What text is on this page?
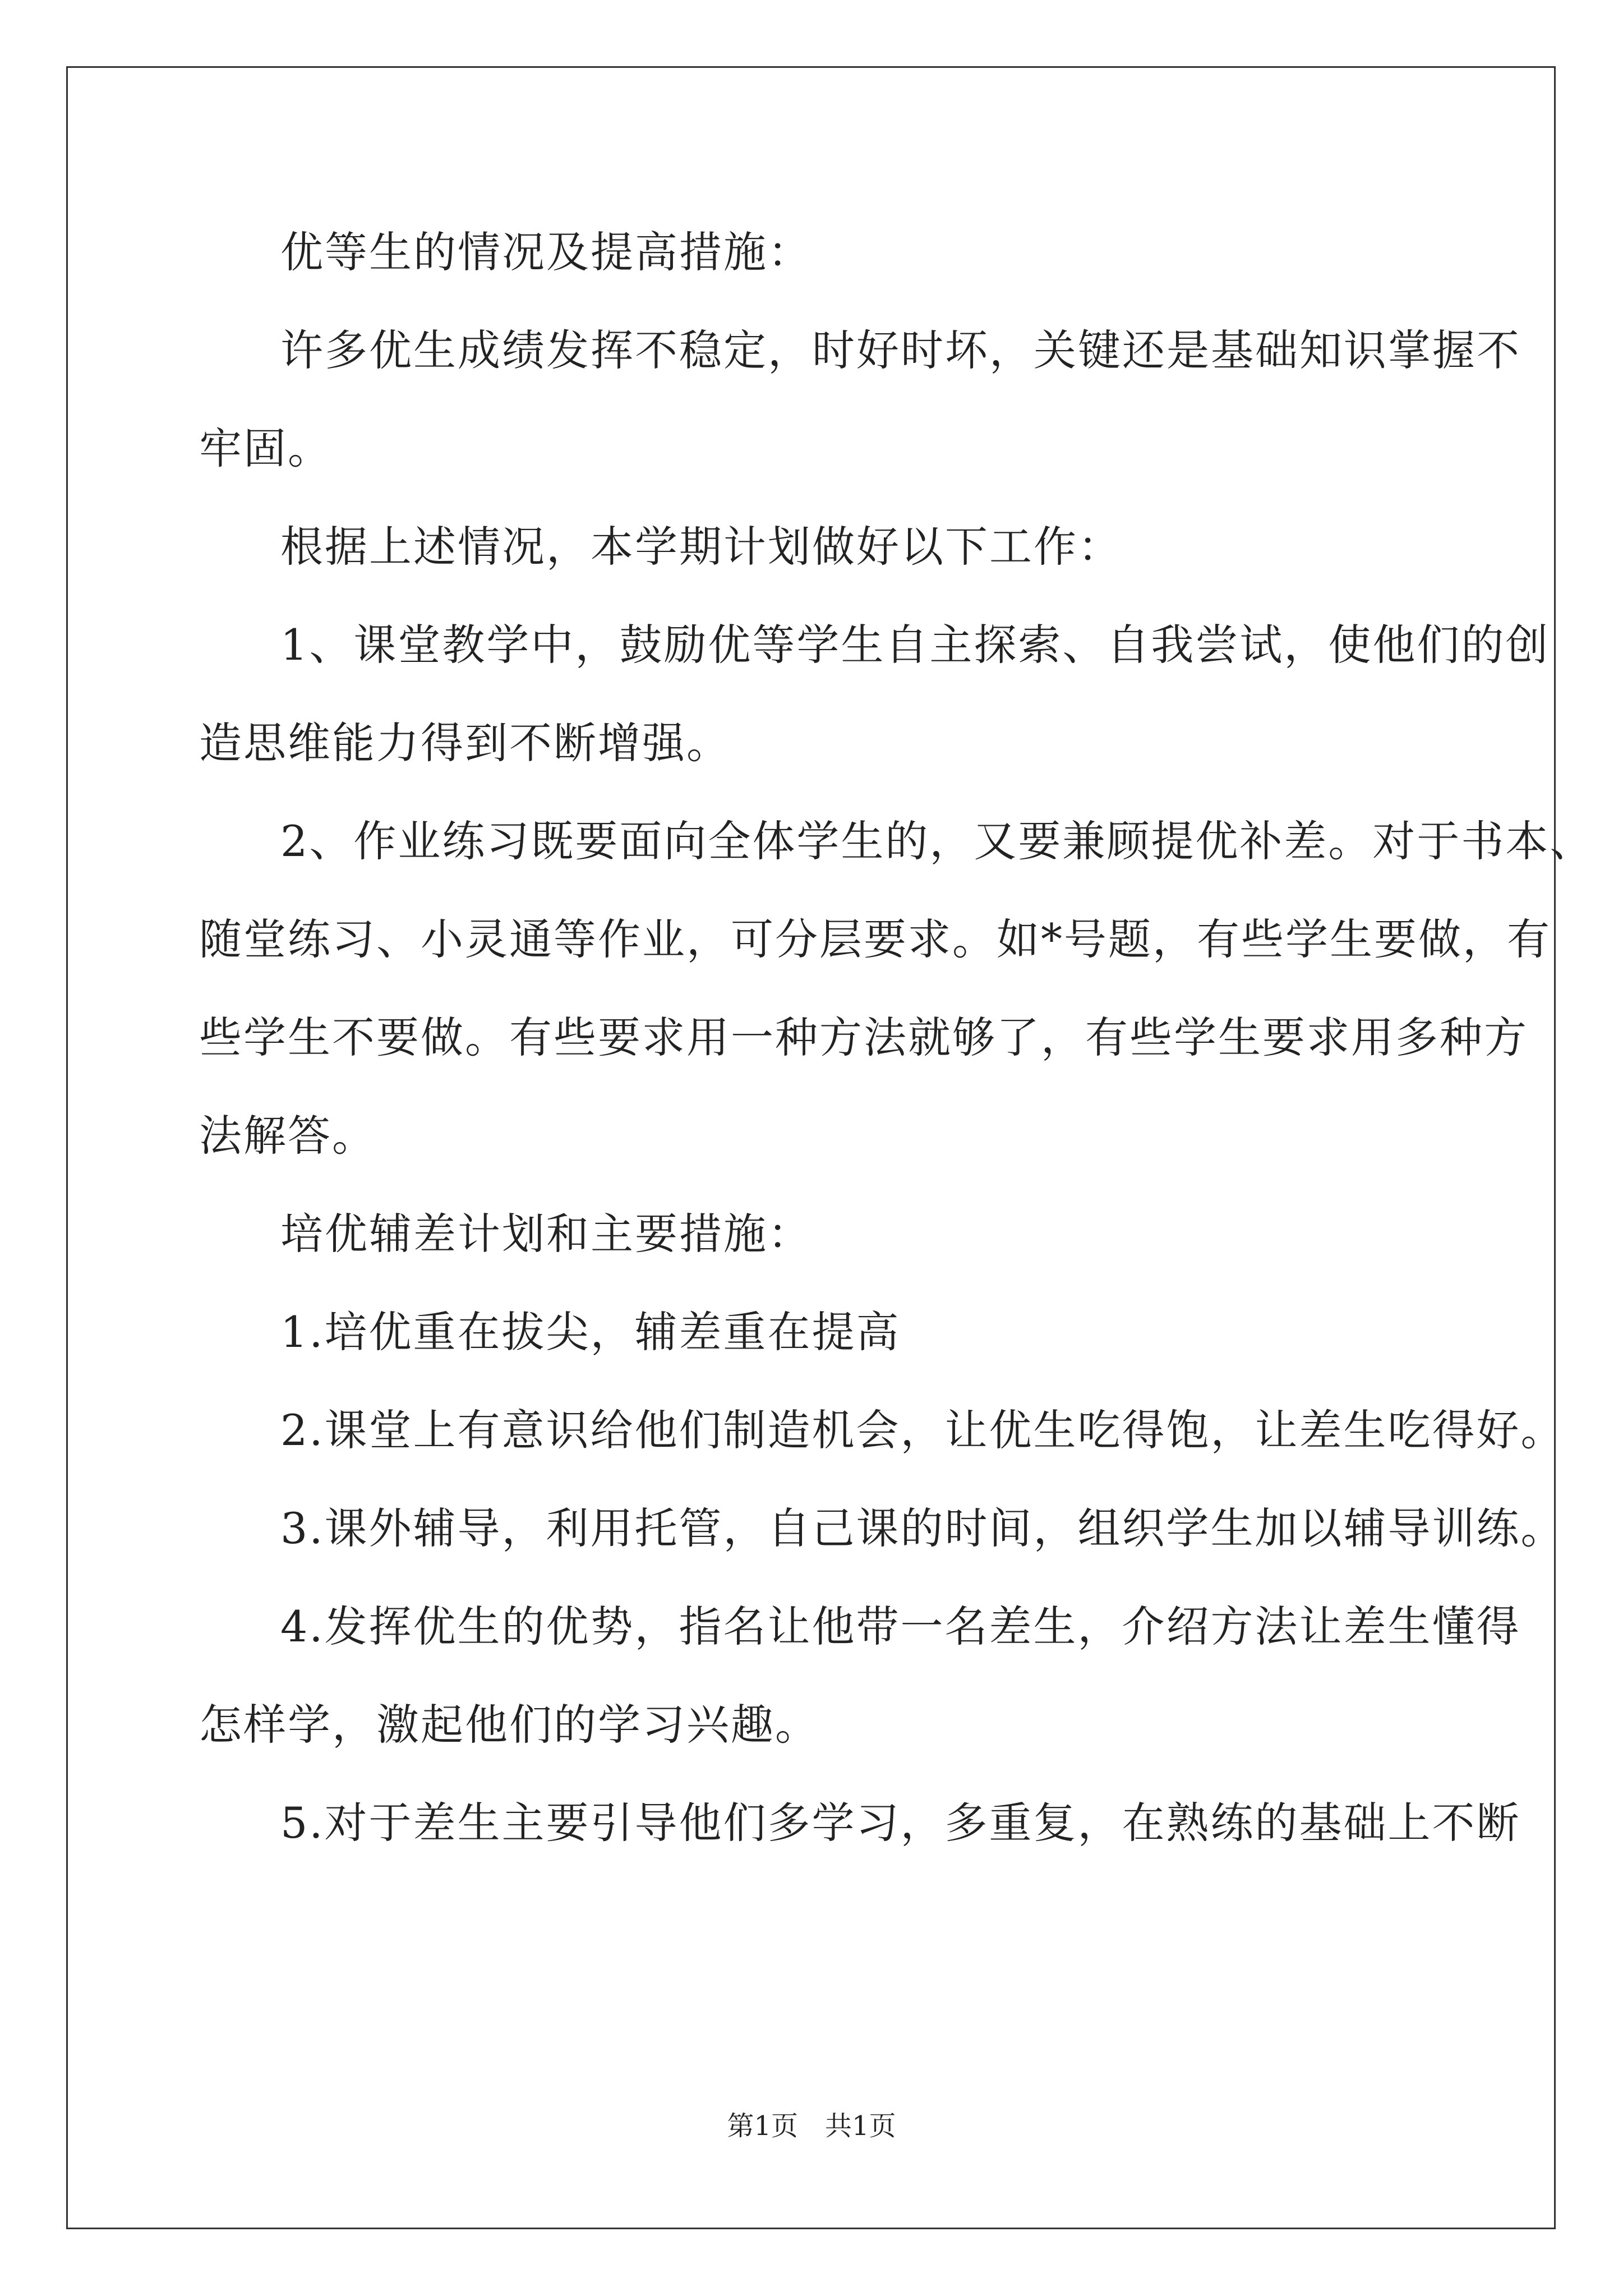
优等生的情况及提高措施：
许多优生成绩发挥不稳定，时好时坏，关键还是基础知识掌握不
牢固。
根据上述情况，本学期计划做好以下工作：
1、课堂教学中，鼓励优等学生自主探索、自我尝试，使他们的创
造思维能力得到不断增强。
2、作业练习既要面向全体学生的，又要兼顾提优补差。对于书本、
随堂练习、小灵通等作业，可分层要求。如*号题，有些学生要做，有
些学生不要做。有些要求用一种方法就够了，有些学生要求用多种方
法解答。
培优辅差计划和主要措施：
1.培优重在拔尖，辅差重在提高
2.课堂上有意识给他们制造机会，让优生吃得饱，让差生吃得好。
3.课外辅导，利用托管，自己课的时间，组织学生加以辅导训练。
4.发挥优生的优势，指名让他带一名差生，介绍方法让差生懂得
怎样学，激起他们的学习兴趣。
5.对于差生主要引导他们多学习，多重复，在熟练的基础上不断
第1页　共1页
